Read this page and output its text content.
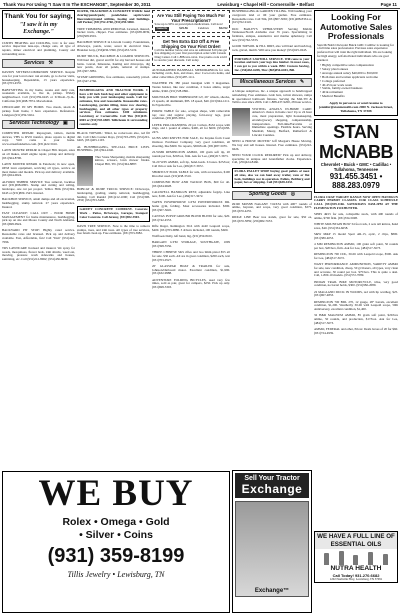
Thank You For Using "I Saw It In The EXCHANGE", September 30, 2011	Lewisburg • Chapel Hill • Cornersville • Belfast	Page 11
Thank You for saying,
"I saw it in my Exchange."
CURTIS HEATING and COOLING, LLC is for sure: service inspection tune-ups, change outs, all type of repairs, minor electrical and plumbing, County and surrounding areas.
Services ⚒
DAVID'S SITTERS/COMPANION SERVICE. Respite care for your loved ones: run errands, go to doctor visits, housekeeping, Dependable, 13 years experience. (931)703-4555.
BABYSITTING in my home, weeks and daily rate, weekends available, to live in, pickup. Widely neighborhood. Call (931)359-6245 or 6:30a.m.-7p.m.. California (931)698-7874. Macedonian.
CHILDCARE IN MY HOME. Two meals, snack & pickup from home, I have experience. References. Lindgren (931)359-5024.
Services Technology ▣
COMPUTER REPAIR: Reprogram, tablets, mobile devices, VHS to DVD transfer, photo repairs to digital copy. Will come to your home. www.artsenfunderties.com. (931)422-5616.
LAWN MOWER REPAIR in Chapel Hill. Repair, sales on all makes, small engine repair, pickup and delivery. (931)364-8790.
LAWN MOWER REPAIR in Eutobeck; in now open, OEM lawn equipment, servicing all types, service on most makes and models. Pick up and delivery available. (931)924-0024.
ALFORD TIMBER SERVICE Tree removal, backhoe and (931)698-6865. Stump and cutting and rolling, landscape, one cut per project. Tellico Hills (931)394-6243 or (931)809-1543. Insured.
BACKHOE SERVICE, small dumps and all excavation, bushhogging, stump removal. 27 years experience. Insured.
FAST CLEANUP: CALL OUT - POOR HOME MANAGEMENT for home maintenance, bushhogging, pick up on site and Moore County and North Alabama. (931)698-0924.
BACKYARD PIT STOP: Highly rated service. Reasonable rates and licensed. Pick up and delivery available. Fast, Affordable, fun! Call "Dan" (931)422-7096.
TRS LAWNCARE licensed and insured. We spray for weeds, mosquitoes, flower beds, trim shrubs, weed eat, mowing, pressure wash sidewalks and houses, sanitizing, etc. Call (931)212-8062; (931)436-8639.
DOZER, TRACKHOE & CONCRETE WORK: land clearing/ponds/pads; ponds/lakes septic/water lines/underground utilities, footing and buildings. Jeff Parker, (931)752-4760, (931)359-5690.
TREE TRIMMING AND REMOVAL Licensed, insured, bucket truck, chipper. Free estimates. (931)638-9039, (256)508-9501.
BACKHOE SERVICE in Lincoln County. Foundations, driveways, ponds, water, sewer & electrical lines. Brandon Gray, (256)636-5390, (931)433-5119.
DUMP TRUCK, BACKHOE & LOADER SERVICES. Will haul dirt, gravel and fill for any harvard houses and barns. Gravel, limestone, hauling and driveways, dig new ponds, clear all ponds, removal of stumps. (931)307-3881.
STUMP GRINDING, free estimates, reasonably priced. (931)347-2766.
BUSHHOGGING AND TRACTOR WORK. I have a 60 inch bush hog and other equipment to help you with your landscaping needs. Call for estimates, free and reasonable. Reasonable rates. Landscaping, garden tilling, fence row clearing, bushhogging, and all other types of property services. Free estimates. $100 minimum. Lewisburg or Cornersville. Call Tim (931)639-6803 or (931)703-6809. Tellicheum & surrounding counties only.
BLACK TOPSOIL: Tilled, no rocks/roots also, red fill dirt. Call Chris Conner Days, (931)703-2383, (931)201-6463, (931)403-1103.
AL BUSHHOGGING, SPE-CIAL PRICE LISTS. BUSHHOG. (931)394-2240.
Thor Stone Sharpening, mobile sharpening knives, scissors, lawn mower blades. Chapel Hill, TN. (931)364-8887.
BOBCAT & DUMP TRUCK SERVICE: Driveways, landscaping, grading, stump removal, bushhogging, hauling. Call Ronald (931)212-1090; Call (931)398-2350; (931)703-3483.
GAFFEY CONCRETE COMPANY. Concrete Work - Patios, Driveways, Garages, Stamped Color Concrete. Call Jeremy, (931)982-3903.
DAVIS TREE SERVICE. Now is the time to remove stumps, trees, and trim trees. All types of tree services, free brush clean up. Free estimates. (931)703-3982.
Are You Still Paying Too Much For Your Prescriptions?
Save up to 90% on prescription medications. Call now!
Generic	$25.56	Celebrex	$52.92
Get Ten Extra $10 Off & Free Shipping On Your First Order!
Call the number below and save an additional $10 plus get free shipping on your first prescription order with Canada Drug Center. Call 1-888-xxx-xxxx. Use promo code sav10 to receive your discount. Call today.
AUTOGRAPHED BASEBALL MEMORABILIA for sale, including cards, hats, and more, also: Coca-Cola items, and other collectibles. (931)487-1111.
WALTHER PK 380 pistol handgun with 3 magazines. Taurus holster, like new condition, 2 boxes ammo, target ammo, $340. (931)728-0861.
MOUNTAIN BIKE TIMBERLINE GT, 26" wheels, shocks, 21 speeds, all aluminum, $85. 18 speed, $40. (615)944-1211. In Fayetteville.
POKER TABLE for sale, octagon shape, with removable top; rare and regular playing, fold-away legs, great condition. (931)683-3954.
LEPEK PRO-CRANNING 20 pd. Carbon, 8x32 scope with rings, and 1 pound of ammo, $400, all for $600. (931)638-2471.
GUNS AND KNIVES FOR SALE, Ice Kayaks from Coast Outdoor. Purchaser Company, very good condition, all shooting, like $600. No reports, $650/both. (931)687-5055.
22-WMR REMINGTON AMMO, 100 grain soft tip, 20 rounds per box, $20/box, firm. Ask for Lee, (484)317-3673.
32-20 WIN AMMO, soft tip, hand-loads. 6 boxes. $25/box; Call Jim or Ask for Lee, (484)317-3672.
SHORTCUT POOL TABLE for sale, with accessories, $100 Ricochet used. (931)638-3310.
COMPOUND BOW AND TACKLE BOX, $60 for all. (931)634-9628.
CALDWELL HANDGUN REST, adjustable forgrip. Like new, $100. Ask for Lee, (484)317-3672.
TAPEX POWERHOUSE GYM POWERWORK5X DR. home gym, folding. Most accessories included. $300. (931)307-3645.
CANVAS PUPUP GROUND BLIND BLIND for sale, $20. (931)742-4553.
Rifle Ruger, Remington 30-6 with 4x40 Leupold scope, $400. (931)703-6880. 3 drivers included, 100 rounds, $600.
Wolfbook Dolly, left hand, big, (931)359-8100.
BARGAIN GYM STORAGE, SOUTHGATE, 1009 (931)398-5556.
THREE CHINESE SKS rifles and two 9mm pistol $55 all for sale. $30 each. All are in great condition, $200 each, text (931)703-0527.
20' GLASSPAR BOAT & TRAILER for sale, Johnson/Outboard motor. Excellent condition, $1,990. (931)632-9988.
ADVENTURE FOLDING BICYCLES, used very few times, sold as pair, great for campers, $250. Pick up only. (931)698-3303.
BUSHHOGGING & GARDEN TILLING. Will bushhog your overgrown land or till your garden. Free estimates. Reasonable rates. Call Tim, (931)807-3065; (931)488-8334 or, (615)762-9145.
DOC BAILEY'S UPHOLSTERY Serving Middle Tennessee/North Alabama over 35 years. Specializing in furniture, antique, automotive and marine upholstery. Call now (931)762-5333.
GOOD TOPSOIL & FILL DIRT, also will haul and bush hog, rock, gravel, mulch. Will save you money! (931)625-0245.
PORTABLE SAWMILL SERVICE. Will come to your location and turn your logs into lumber. In most cases, I can get to you within a week. BBC Custom Sawing, Inc. (256)463-6208, Tim: (865)856-6043, Bill.
Miscellaneous Services ✎
A Unique Adaptives, Inc. a unique approach to handicapped remodeling. Free estimates. Grab bars, roll-in showers, ramps & specialized bathroom fixtures. Serving the Mid-TN & Tellico area since 2006. Call 1-888-437-9200, 28 hour service.
VISITING ANGELS IN-HOME CARE: America's choice in home care! Up to 24 hour care, meal preparation, light housekeeping, errands/grocery shopping, companionship, transportation. Full-time/Part-time or Immediate openings. Flexible hours. Serving Marshall, Maury, Bedford, Rutherford & Lincoln Counties.
NEED A HOUSE MOVED? Jeff Morgan's House Moving. We buy and sell houses. Insured. Free estimates. (931)222-6626.
NEED YOUR CLOCK REPAIRED? Pick up and delivery, specialize in antique and Grandfather clocks. Experience. Call, (256)424-8466.
FLORA PALLET SHOP buying good pallets of most all sizes, also we can haul away trailer, vans or flat beds, buildings not in operation. Pallets, Beltburg and paper, box or shipping. Call (931)638-4433.
Sporting Goods ◎
#9190 MOSSB NAGANT 7.62X54 with 400+ rounds of ammo, bayonet, and scope, very good condition, $375. (931)670-4255.
RIDGE LINE Bear tree stands, great for sale, $50 ea, (931)670-5859; (256)682-7653.
Looking For Automotive Sales Professionals

Stan McNabb Chevrolet Buick GMC Cadillac is looking for a full time sales professional. Previous sales experience preferred but will train the right individual. We are looking for high energy, self-motivated individuals who are goal oriented.

• Highly competitive sales compensation
• Salary plus bonuses
• Average annual salary $40,000 to $50,000
• Both men and women applicants welcome
• College preferred
• 40-45 hour work week
• Stable, family-owned business
• 401k retirement
• Medical Benefits
Apply in person to or send resume to jennifer@stanmcnabb.com 2000 N. Jackson Street, Tullahoma, TN 37388
STAN McNABB
Chevrolet • Buick • GMC • Cadillac • Tullahoma, Tennessee
931.455.3451 • 888.283.0979
FLORA CRAY TARGET RANGE NOW OPEN HANDGUN CARRY PERMIT CLASSES. FOR CLASS SCHEDULE CALL (931)359-1166. SATURDAYS 8AM-2PM AT THE FLEMINGTON FOXHUNTER.
SPMS 4R15 for sale, collapsible stock, with 400 rounds of ammo, $700 firm. (931)334-5698.
WHITE MOUNTAIN BOW 34 foot rack, 2 sets tall knives, hand saws, $40. (931)334-6658.
S&W M&P 15 model Sport AR-15, optic, 2 clips, $800. (931)380-4053.
4 MM REMINGTON AMMO, 100 grain soft point, 50 rounds per box, $20/box, firm. Ask for Lee, (484)317-3673.
REMINGTON 700 CDL, 30-06 with Leupold scope, $500. Ask for Lee, (484)317-3672.
WANT PERFORMANCE AMMUNITION, VARIETY AMMO for sale, new condition, cheap, 50 gr blazers, all types, very clean and accurate, 30 round per box. $75/box. This is quite a deal. Call, 1-800-10 models. (931)572-7089.
INDIAN TRAIL BIKE MOTORCYCLE, trike, very good condition, no barrel holds, $300. (931)982-2089.
22 MAGLAND DUCK IN WOODS, red with lip warthog, $25. (931)967-4833.
REMINGTON 700 BDL 270, 12 gauge, 28" barrels, excellent condition, $1,200. Weatherby 30-06 with Leupold scope, 50th Anniversary, excellent condition, $1,400.
32 H&R MAGNUM AMMO, 85 grain soft point, $20/box ammo, 50 rounds, and production, $17/box. Ask for Lee, (484)317-3673.
AMMO, FEDERAL and other, Prices: Deals boxes of 20 for $60. (931)724-4939.
WE BUY
Rolex • Omega • Gold
• Silver • Coins
(931) 359-8199
Tillis Jewelry • Lewisburg, TN
Sell Your Tractor
Exchange
Exchange™
WE HAVE A FULL LINE OF ESSENTIAL OILS
NUTRA HEALTH
Call Today! 931.270.6682
1202 Nashville Hwy, Lewisburg, TN 37091
